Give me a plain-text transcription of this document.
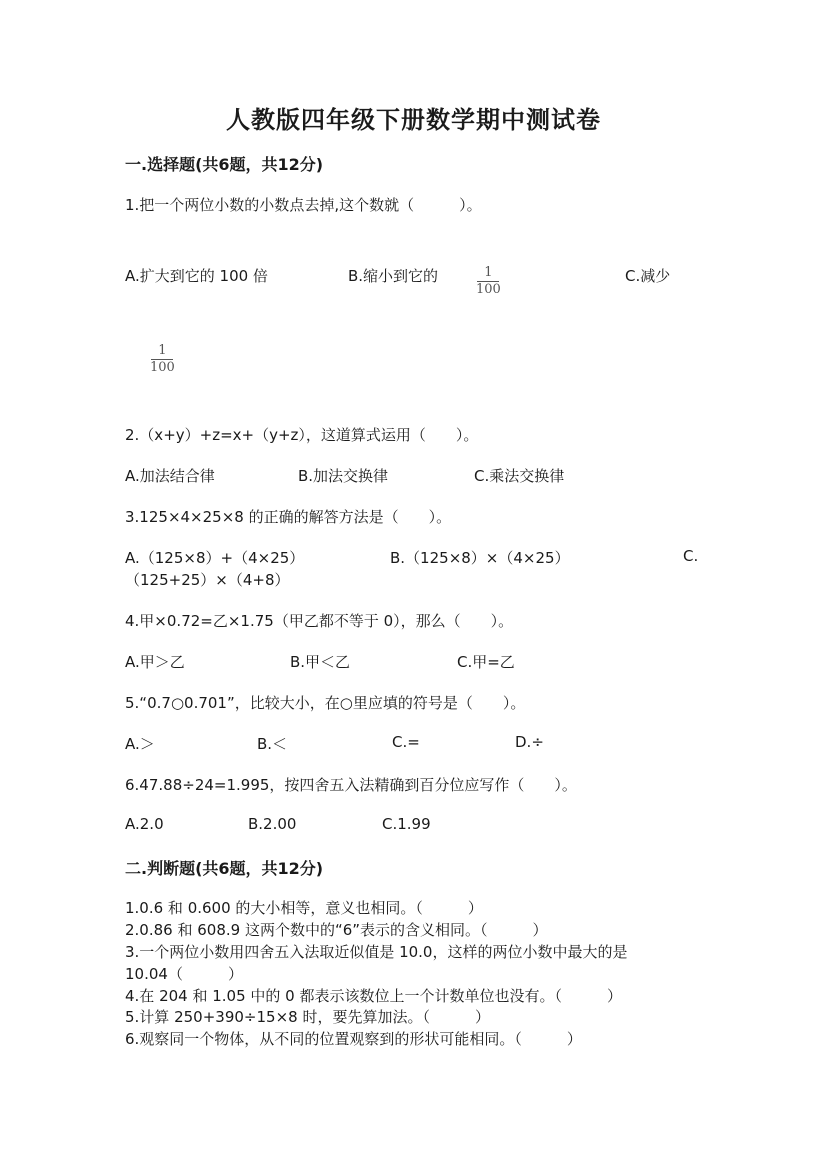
人教版四年级下册数学期中测试卷
一.选择题(共6题，共12分)
1.把一个两位小数的小数点去掉,这个数就（　　　）。
A.扩大到它的 100 倍	B.缩小到它的	$\frac{1}{100}$	C.减少
$\frac{1}{100}$
2.（x+y）+z=x+（y+z），这道算式运用（　　）。
A.加法结合律	B.加法交换律	C.乘法交换律
3.125×4×25×8 的正确的解答方法是（　　）。
A.（125×8）+（4×25）	B.（125×8）×（4×25）	C.
（125+25）×（4+8）
4.甲×0.72=乙×1.75（甲乙都不等于 0），那么（　　）。
A.甲＞乙	B.甲＜乙	C.甲=乙
5.“0.7○0.701”，比较大小，在○里应填的符号是（　　）。
A.＞	B.＜	C.=	D.÷
6.47.88÷24=1.995，按四舍五入法精确到百分位应写作（　　）。
A.2.0	B.2.00	C.1.99
二.判断题(共6题，共12分)
1.0.6 和 0.600 的大小相等，意义也相同。（　　　）
2.0.86 和 608.9 这两个数中的“6”表示的含义相同。（　　　）
3.一个两位小数用四舍五入法取近似值是 10.0，这样的两位小数中最大的是
10.04（　　　）
4.在 204 和 1.05 中的 0 都表示该数位上一个计数单位也没有。（　　　）
5.计算 250+390÷15×8 时，要先算加法。（　　　）
6.观察同一个物体，从不同的位置观察到的形状可能相同。（　　　）
